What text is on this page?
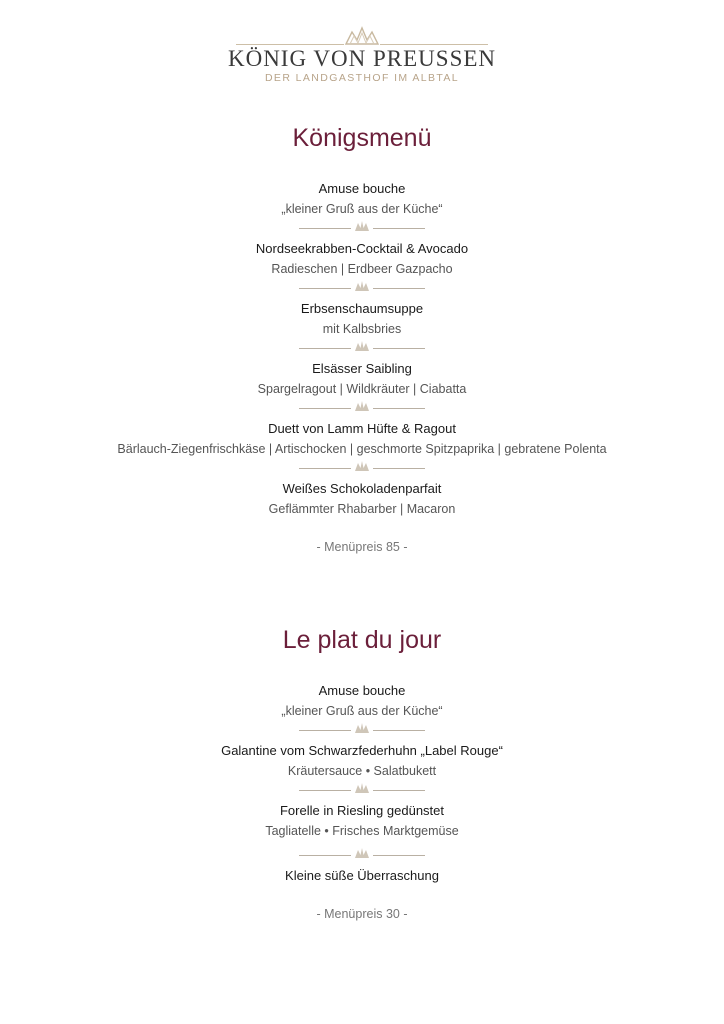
KÖNIG VON PREUSSEN
DER LANDGASTHOF IM ALBTAL
Königsmenü
Amuse bouche
„kleiner Gruß aus der Küche“
Nordseekrabben-Cocktail & Avocado
Radieschen | Erdbeer Gazpacho
Erbsenschaumsuppe
mit Kalbsbries
Elsässer Saibling
Spargelragout | Wildkräuter | Ciabatta
Duett von Lamm Hüfte & Ragout
Bärlauch-Ziegenfrischkäse | Artischocken | geschmorte Spitzpaprika | gebratene Polenta
Weißes Schokoladenparfait
Geflämmter Rhabarber | Macaron
- Menüpreis 85 -
Le plat du jour
Amuse bouche
„kleiner Gruß aus der Küche“
Galantine vom Schwarzfederhuhn „Label Rouge“
Kräutersauce • Salatbukett
Forelle in Riesling gedünstet
Tagliatelle • Frisches Marktgemüse
Kleine süße Überraschung
- Menüpreis 30 -
